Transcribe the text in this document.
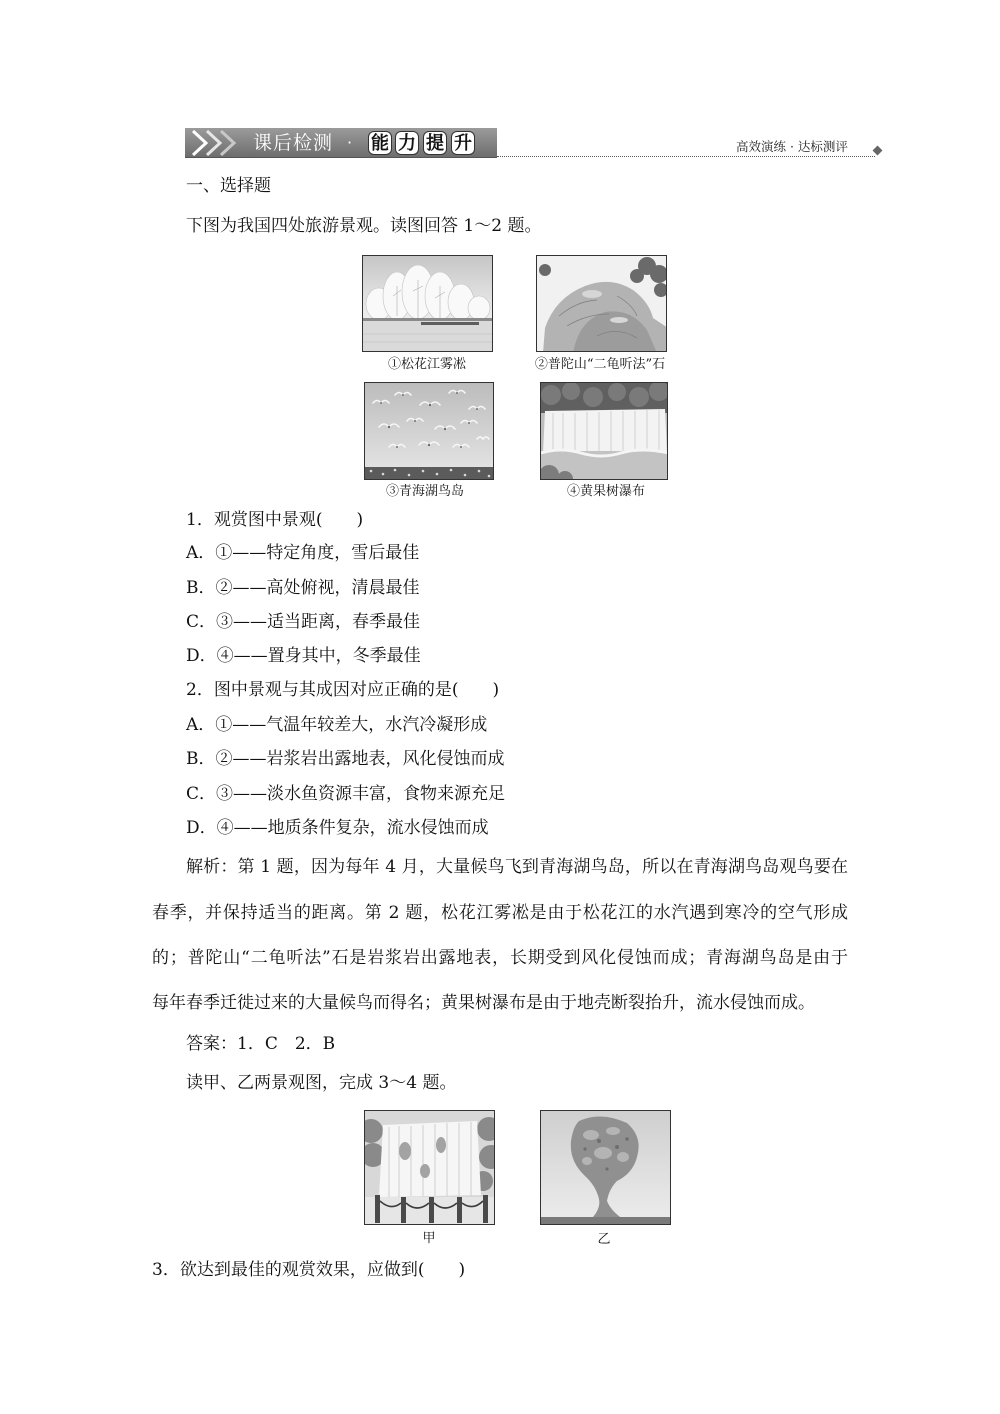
课后检测 · 能 力 提 升	高效演练 · 达标测评
一、选择题
下图为我国四处旅游景观。读图回答 1～2 题。
①松花江雾凇	②普陀山“二龟听法”石
③青海湖鸟岛	④黄果树瀑布
1．观赏图中景观(　　)
A．①——特定角度，雪后最佳
B．②——高处俯视，清晨最佳
C．③——适当距离，春季最佳
D．④——置身其中，冬季最佳
2．图中景观与其成因对应正确的是(　　)
A．①——气温年较差大，水汽冷凝形成
B．②——岩浆岩出露地表，风化侵蚀而成
C．③——淡水鱼资源丰富，食物来源充足
D．④——地质条件复杂，流水侵蚀而成
解析：第 1 题，因为每年 4 月，大量候鸟飞到青海湖鸟岛，所以在青海湖鸟岛观鸟要在
春季，并保持适当的距离。第 2 题，松花江雾凇是由于松花江的水汽遇到寒冷的空气形成
的；普陀山“二龟听法”石是岩浆岩出露地表，长期受到风化侵蚀而成；青海湖鸟岛是由于
每年春季迁徙过来的大量候鸟而得名；黄果树瀑布是由于地壳断裂抬升，流水侵蚀而成。
答案：1．C　2．B
读甲、乙两景观图，完成 3～4 题。
甲	乙
3．欲达到最佳的观赏效果，应做到(　　)
